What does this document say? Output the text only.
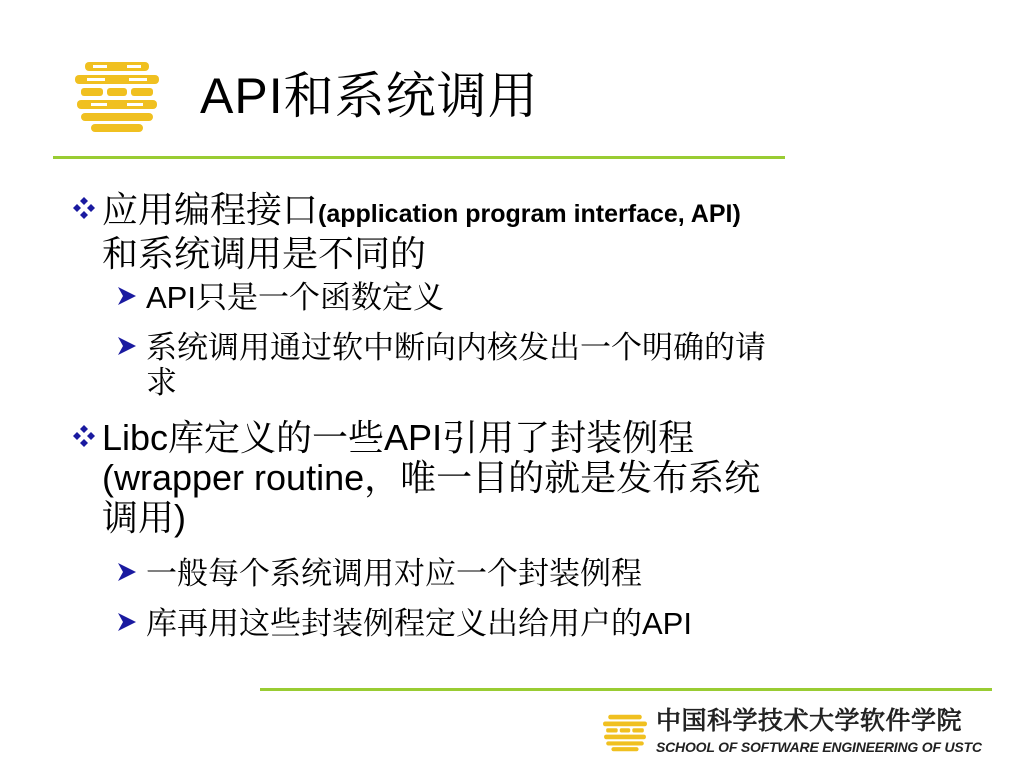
API和系统调用
应用编程接口(application program interface, API)
和系统调用是不同的
API只是一个函数定义
系统调用通过软中断向内核发出一个明确的请
求
Libc库定义的一些API引用了封装例程
(wrapper routine，唯一目的就是发布系统
调用)
一般每个系统调用对应一个封装例程
库再用这些封装例程定义出给用户的API
中国科学技术大学软件学院
SCHOOL OF SOFTWARE ENGINEERING OF USTC
